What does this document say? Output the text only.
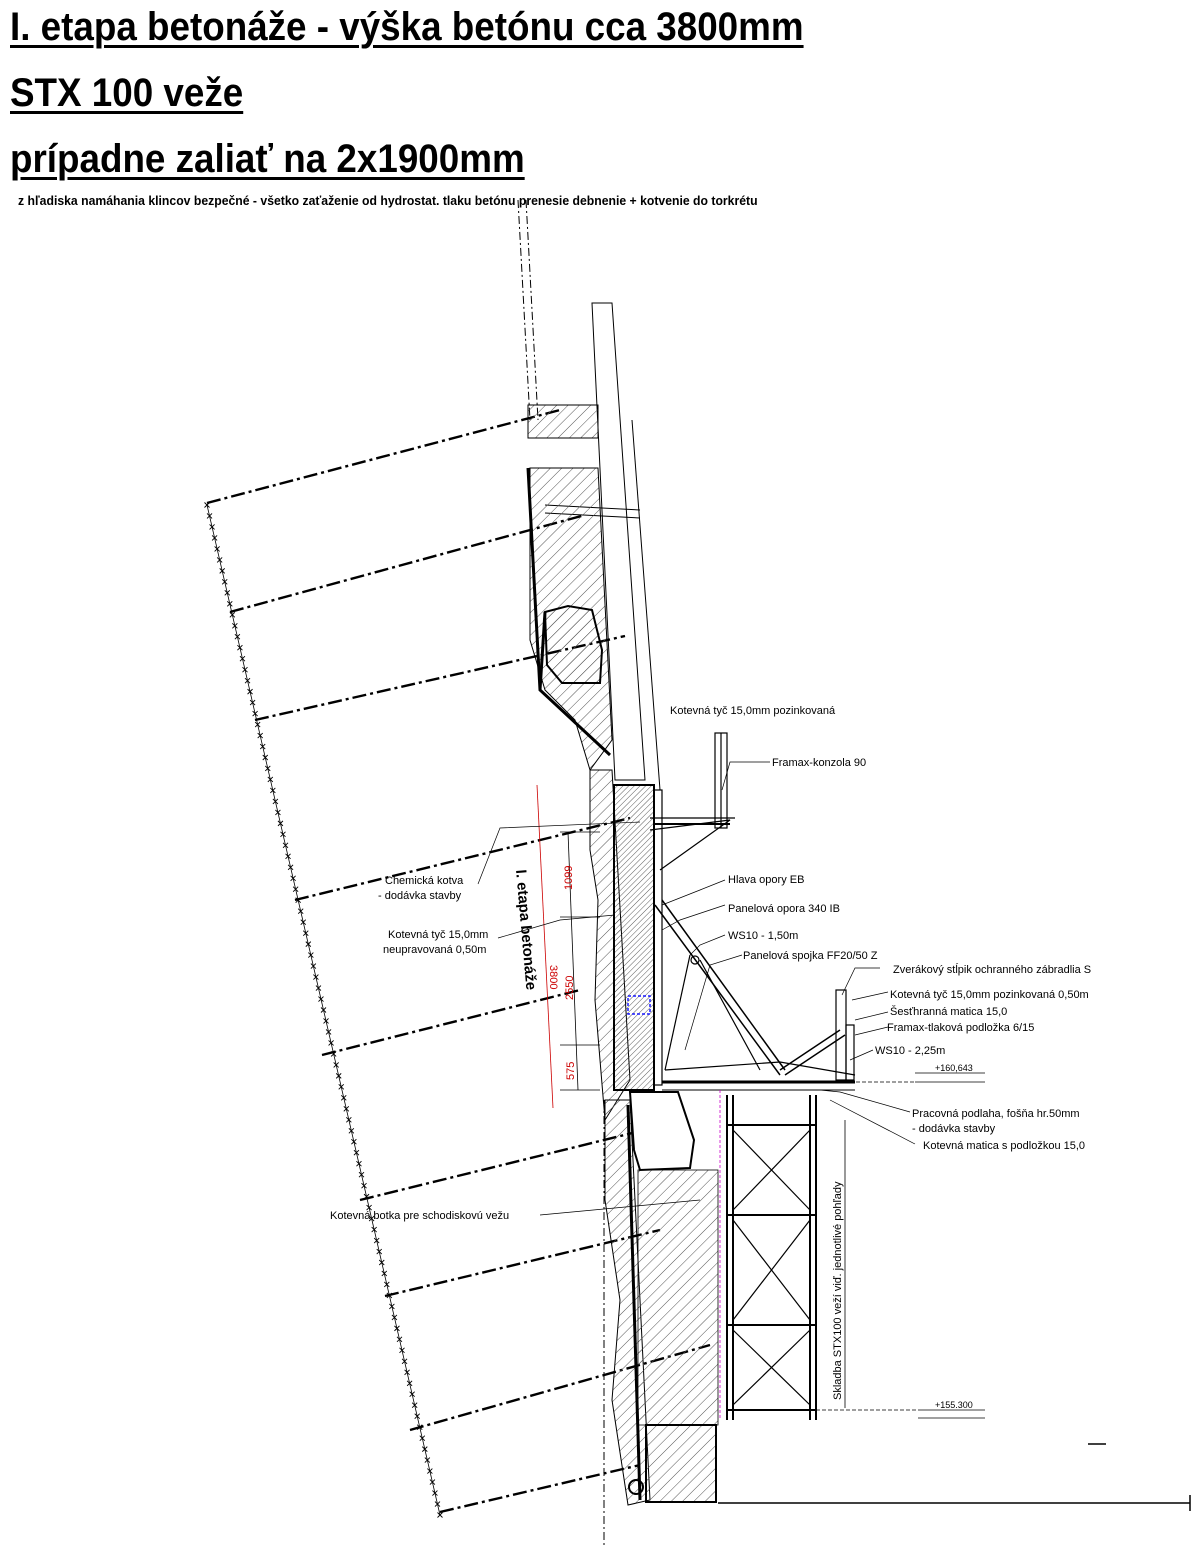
I. etapa betonáže - výška betónu cca 3800mm
STX 100 veže
prípadne zaliať na 2x1900mm
z hľadiska namáhania klincov bezpečné - všetko zaťaženie od hydrostat. tlaku betónu prenesie debnenie + kotvenie do torkrétu
+160,643
+155.300
1099
3800 2550
575
I. etapa betonáže
Skladba STX100 veží viď. jednotlivé pohľady
Kotevná tyč 15,0mm pozinkovaná
Framax-konzola 90
Hlava opory EB
Panelová opora 340 IB
WS10 - 1,50m
Panelová spojka FF20/50 Z
Zverákový stĺpik ochranného zábradlia S
Kotevná tyč 15,0mm pozinkovaná 0,50m
Šesťhranná matica 15,0
Framax-tlaková podložka 6/15
WS10 - 2,25m
Chemická kotva
- dodávka stavby
Kotevná tyč 15,0mm
neupravovaná 0,50m
Pracovná podlaha, fošňa hr.50mm
- dodávka stavby
Kotevná matica s podložkou 15,0
Kotevná botka pre schodiskovú vežu
